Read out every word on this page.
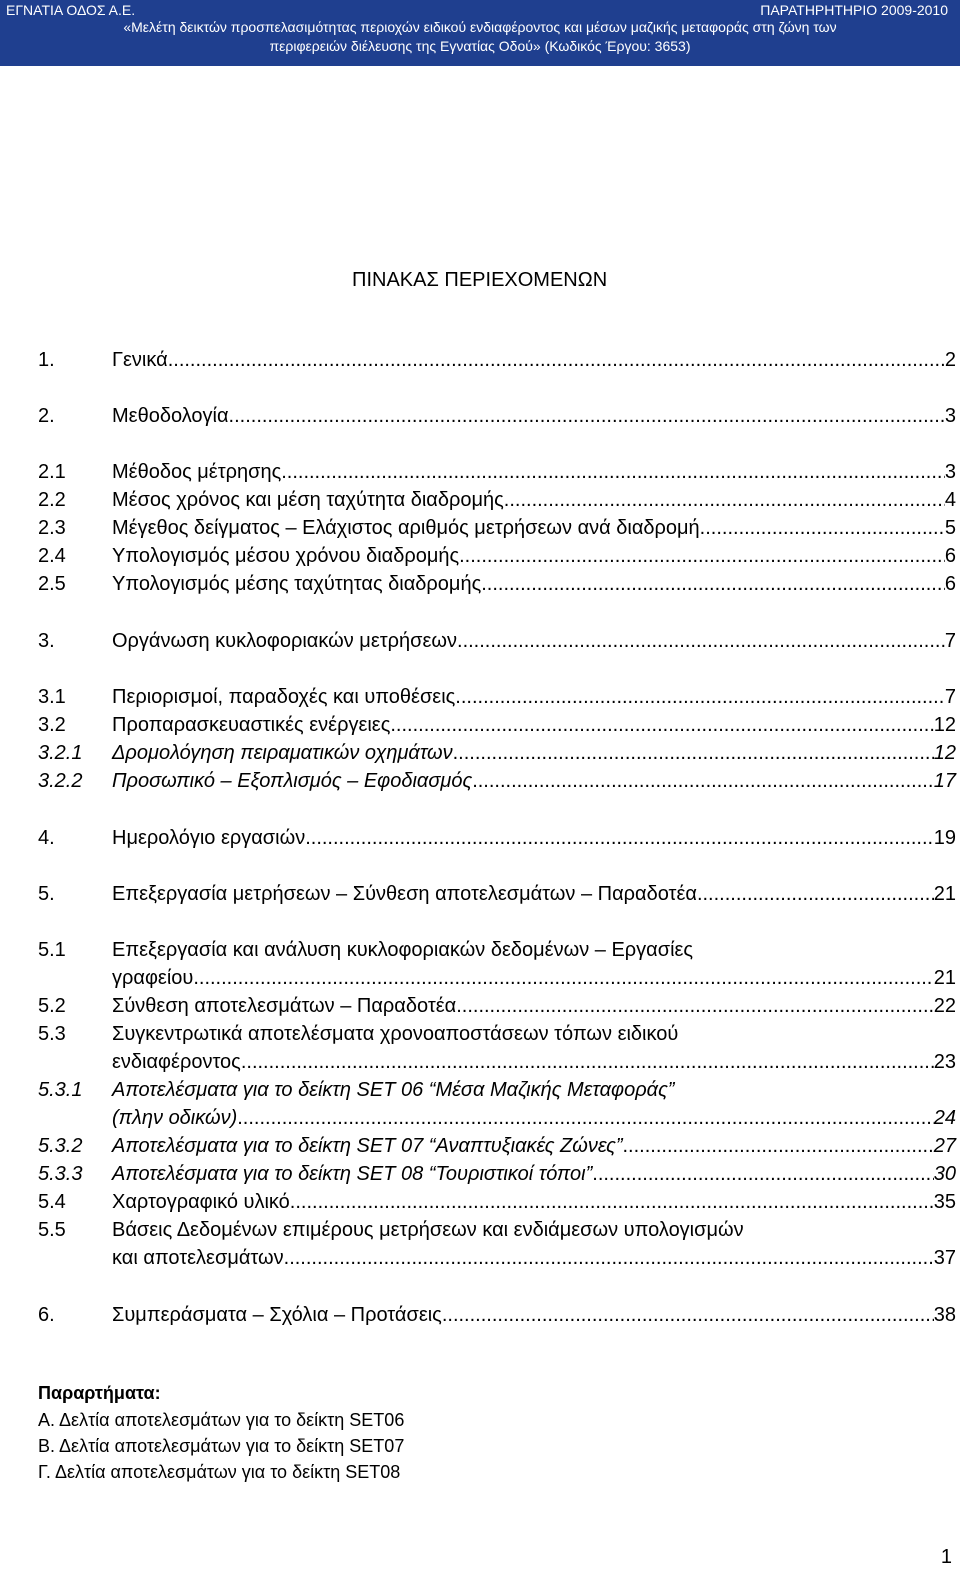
ΕΓΝΑΤΙΑ ΟΔΟΣ Α.Ε.	ΠΑΡΑΤΗΡΗΤΗΡΙΟ 2009-2010
«Μελέτη δεικτών προσπελασιμότητας περιοχών ειδικού ενδιαφέροντος και μέσων μαζικής μεταφοράς στη ζώνη των
περιφερειών διέλευσης της Εγνατίας Οδού» (Κωδικός Έργου: 3653)
ΠΙΝΑΚΑΣ ΠΕΡΙΕΧΟΜΕΝΩΝ
1.	Γενικά .....	2
2.	Μεθοδολογία .....	3
2.1 Μέθοδος μέτρησης .....	3
2.2 Μέσος χρόνος και μέση ταχύτητα διαδρομής .....	4
2.3 Μέγεθος δείγματος – Ελάχιστος αριθμός μετρήσεων ανά διαδρομή .....	5
2.4 Υπολογισμός μέσου χρόνου διαδρομής .....	6
2.5 Υπολογισμός μέσης ταχύτητας διαδρομής .....	6
3.	Οργάνωση κυκλοφοριακών μετρήσεων .....	7
3.1 Περιορισμοί, παραδοχές και υποθέσεις .....	7
3.2 Προπαρασκευαστικές ενέργειες .....	12
3.2.1 Δρομολόγηση πειραματικών οχημάτων .....	12
3.2.2 Προσωπικό – Εξοπλισμός – Εφοδιασμός .....	17
4.	Ημερολόγιο εργασιών .....	19
5.	Επεξεργασία μετρήσεων – Σύνθεση αποτελεσμάτων – Παραδοτέα .....	21
5.1 Επεξεργασία και ανάλυση κυκλοφοριακών δεδομένων – Εργασίες
γραφείου .....	21
5.2 Σύνθεση αποτελεσμάτων – Παραδοτέα .....	22
5.3 Συγκεντρωτικά αποτελέσματα χρονοαποστάσεων τόπων ειδικού
ενδιαφέροντος .....	23
5.3.1 Αποτελέσματα για το δείκτη SET 06 “Μέσα Μαζικής Μεταφοράς”
(πλην οδικών) .....	24
5.3.2 Αποτελέσματα για το δείκτη SET 07 “Αναπτυξιακές Ζώνες” .....	27
5.3.3 Αποτελέσματα για το δείκτη SET 08 “Τουριστικοί τόποι” .....	30
5.4 Χαρτογραφικό υλικό .....	35
5.5 Βάσεις Δεδομένων επιμέρους μετρήσεων και ενδιάμεσων υπολογισμών
και αποτελεσμάτων .....	37
6.	Συμπεράσματα – Σχόλια – Προτάσεις .....	38
Παραρτήματα:
Α. Δελτία αποτελεσμάτων για το δείκτη SET06
Β. Δελτία αποτελεσμάτων για το δείκτη SET07
Γ. Δελτία αποτελεσμάτων για το δείκτη SET08
1
